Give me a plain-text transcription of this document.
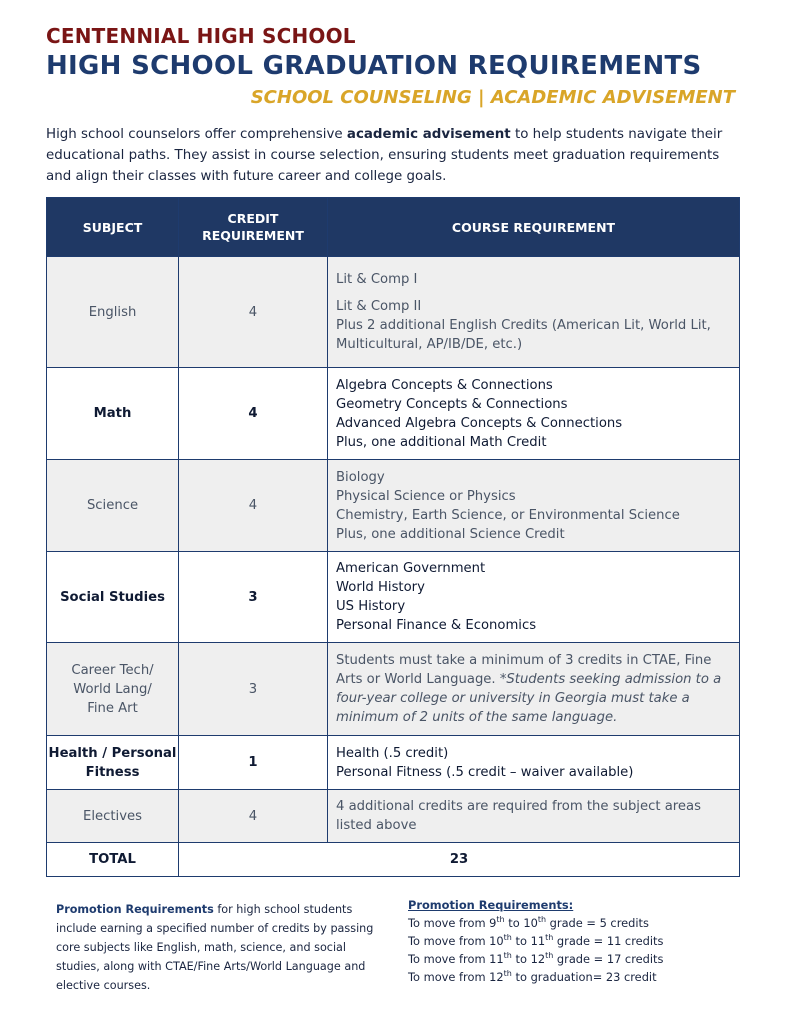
CENTENNIAL HIGH SCHOOL
HIGH SCHOOL GRADUATION REQUIREMENTS
SCHOOL COUNSELING | ACADEMIC ADVISEMENT

High school counselors offer comprehensive academic advisement to help students navigate their educational paths. They assist in course selection, ensuring students meet graduation requirements and align their classes with future career and college goals.

SUBJECT	CREDIT REQUIREMENT	COURSE REQUIREMENT
English	4	Lit & Comp I
Lit & Comp II
Plus 2 additional English Credits (American Lit, World Lit, Multicultural, AP/IB/DE, etc.)

Math	4	Algebra Concepts & Connections
Geometry Concepts & Connections
Advanced Algebra Concepts & Connections
Plus, one additional Math Credit

Science	4	Biology
Physical Science or Physics
Chemistry, Earth Science, or Environmental Science
Plus, one additional Science Credit

Social Studies	3	American Government
World History
US History
Personal Finance & Economics

Career Tech/ World Lang/ Fine Art	3	Students must take a minimum of 3 credits in CTAE, Fine Arts or World Language. *Students seeking admission to a four-year college or university in Georgia must take a minimum of 2 units of the same language.
Health / Personal Fitness	1	Health (.5 credit)
Personal Fitness (.5 credit – waiver available)

Electives	4	4 additional credits are required from the subject areas listed above
TOTAL	23	

Promotion Requirements for high school students include earning a specified number of credits by passing core subjects like English, math, science, and social studies, along with CTAE/Fine Arts/World Language and elective courses.

Promotion Requirements:
To move from 9th to 10th grade = 5 credits
To move from 10th to 11th grade = 11 credits
To move from 11th to 12th grade = 17 credits
To move from 12th to graduation= 23 credit
